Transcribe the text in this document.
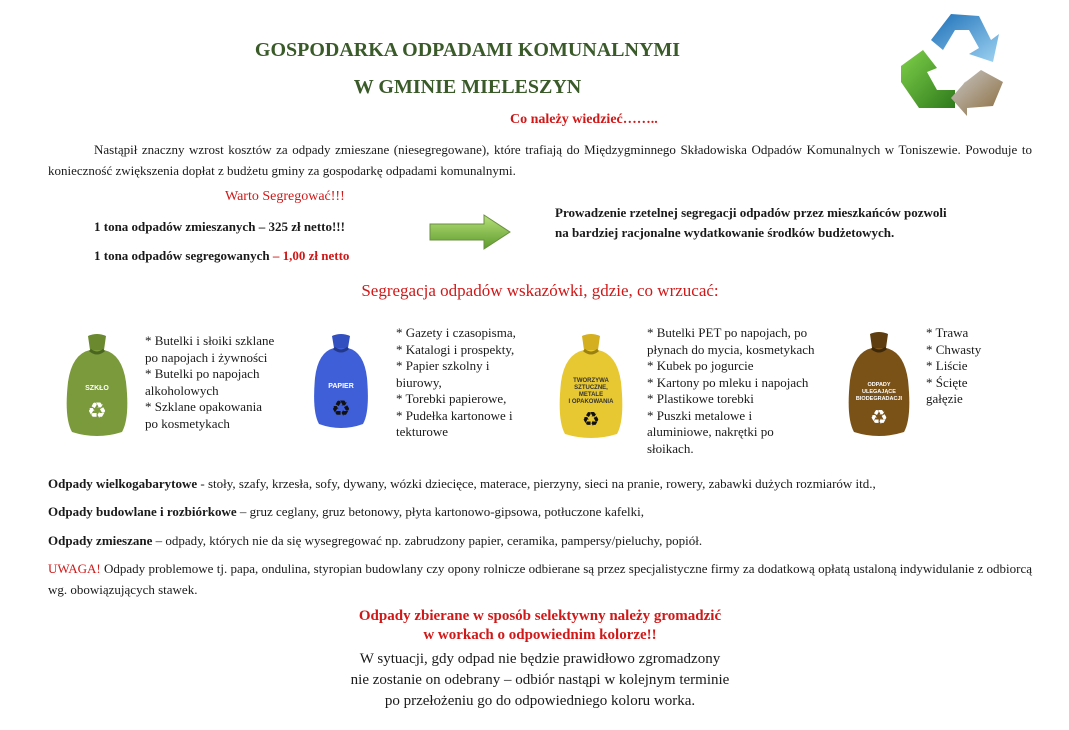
GOSPODARKA ODPADAMI KOMUNALNYMI
W GMINIE MIELESZYN
Co należy wiedzieć……..
Nastąpił znaczny wzrost kosztów za odpady zmieszane (niesegregowane), które trafiają do Międzygminnego Składowiska Odpadów Komunalnych w Toniszewie. Powoduje to konieczność zwiększenia dopłat z budżetu gminy za gospodarkę odpadami komunalnymi.
Warto Segregować!!!
1 tona odpadów zmieszanych – 325 zł netto!!!
1 tona odpadów segregowanych – 1,00 zł netto
Prowadzenie rzetelnej segregacji odpadów przez mieszkańców pozwoli
na bardziej racjonalne wydatkowanie środków budżetowych.
Segregacja odpadów wskazówki, gdzie, co wrzucać:
SZKŁO
♻
* Butelki i słoiki szklane
po napojach i żywności
* Butelki po napojach
alkoholowych
* Szklane opakowania
po kosmetykach
PAPIER
♻
* Gazety i czasopisma,
* Katalogi i prospekty,
* Papier szkolny i
biurowy,
* Torebki papierowe,
* Pudełka kartonowe i
tekturowe
TWORZYWA
SZTUCZNE,
METALE
I OPAKOWANIA
♻
* Butelki PET po napojach, po
płynach do mycia, kosmetykach
* Kubek po jogurcie
* Kartony po mleku i napojach
* Plastikowe torebki
* Puszki metalowe i
aluminiowe, nakrętki po
słoikach.
ODPADY
ULEGAJĄCE
BIODEGRADACJI
♻
* Trawa
* Chwasty
* Liście
* Ścięte
gałęzie
Odpady wielkogabarytowe - stoły, szafy, krzesła, sofy, dywany, wózki dziecięce, materace, pierzyny, sieci na pranie, rowery, zabawki dużych rozmiarów itd.,
Odpady budowlane i rozbiórkowe – gruz ceglany, gruz betonowy, płyta kartonowo-gipsowa, potłuczone kafelki,
Odpady zmieszane – odpady, których nie da się wysegregować np. zabrudzony papier, ceramika, pampersy/pieluchy, popiół.
UWAGA! Odpady problemowe tj. papa, ondulina, styropian budowlany czy opony rolnicze odbierane są przez specjalistyczne firmy za dodatkową opłatą ustaloną indywidulanie z odbiorcą wg. obowiązujących stawek.
Odpady zbierane w sposób selektywny należy gromadzić
w workach o odpowiednim kolorze!!
W sytuacji, gdy odpad nie będzie prawidłowo zgromadzony
nie zostanie on odebrany – odbiór nastąpi w kolejnym terminie
po przełożeniu go do odpowiedniego koloru worka.
